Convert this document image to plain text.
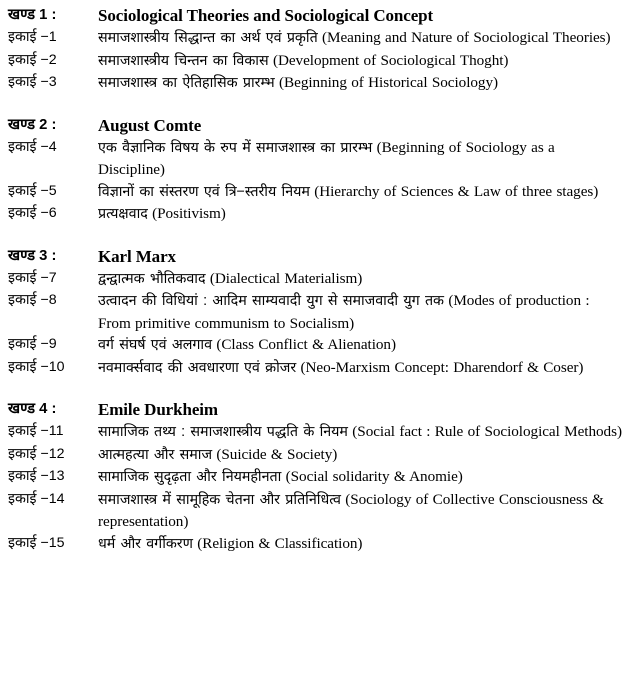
खण्ड 1 :	Sociological Theories and Sociological Concept
इकाई −1	समाजशास्त्रीय सिद्धान्त का अर्थ एवं प्रकृति (Meaning and Nature of Sociological Theories)
इकाई −2	समाजशास्त्रीय चिन्तन का विकास (Development of Sociological Thoght)
इकाई −3	समाजशास्त्र का ऐतिहासिक प्रारम्भ (Beginning of Historical Sociology)
खण्ड 2 :	August Comte
इकाई −4	एक वैज्ञानिक विषय के रुप में समाजशास्त्र का प्रारम्भ (Beginning of Sociology as a Discipline)
इकाई −5	विज्ञानों का संस्तरण एवं त्रि−स्तरीय नियम (Hierarchy of Sciences & Law of three stages)
इकाई −6	प्रत्यक्षवाद (Positivism)
खण्ड 3 :	Karl Marx
इकाई −7	द्वन्द्वात्मक भौतिकवाद (Dialectical Materialism)
इकाई −8	उत्वादन की विधियां : आदिम साम्यवादी युग से समाजवादी युग तक (Modes of production : From primitive communism to Socialism)
इकाई −9	वर्ग संघर्ष एवं अलगाव (Class Conflict & Alienation)
इकाई −10	नवमार्क्सवाद की अवधारणा एवं क्रोजर (Neo-Marxism Concept: Dharendorf & Coser)
खण्ड 4 :	Emile Durkheim
इकाई −11	सामाजिक तथ्य : समाजशास्त्रीय पद्धति के नियम (Social fact : Rule of Sociological Methods)
इकाई −12	आत्महत्या और समाज (Suicide & Society)
इकाई −13	सामाजिक सुदृढ़ता और नियमहीनता (Social solidarity & Anomie)
इकाई −14	समाजशास्त्र में सामूहिक चेतना और प्रतिनिधित्व (Sociology of Collective Consciousness & representation)
इकाई −15	धर्म और वर्गीकरण (Religion & Classification)
